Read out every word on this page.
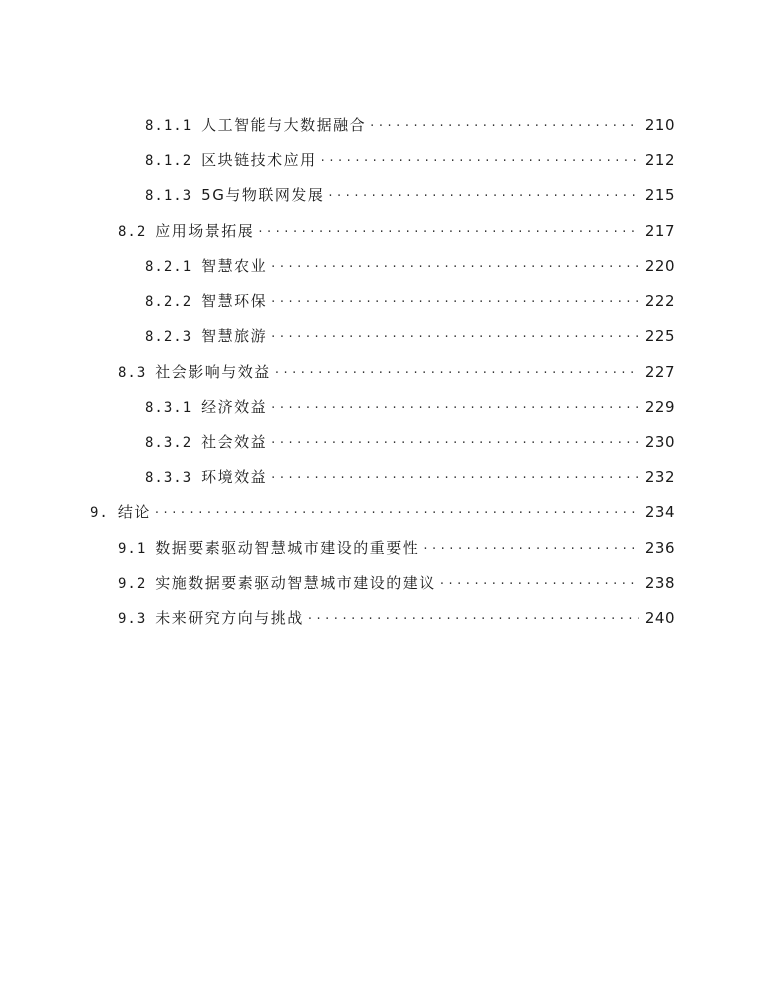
8.1.1 人工智能与大数据融合 . . .	210
8.1.2 区块链技术应用 . . .	212
8.1.3 5G与物联网发展 . . .	215
8.2 应用场景拓展 . . .	217
8.2.1 智慧农业 . . .	220
8.2.2 智慧环保 . . .	222
8.2.3 智慧旅游 . . .	225
8.3 社会影响与效益 . . .	227
8.3.1 经济效益 . . .	229
8.3.2 社会效益 . . .	230
8.3.3 环境效益 . . .	232
9. 结论 . . .	234
9.1 数据要素驱动智慧城市建设的重要性 . . .	236
9.2 实施数据要素驱动智慧城市建设的建议 . . .	238
9.3 未来研究方向与挑战 . . .	240
